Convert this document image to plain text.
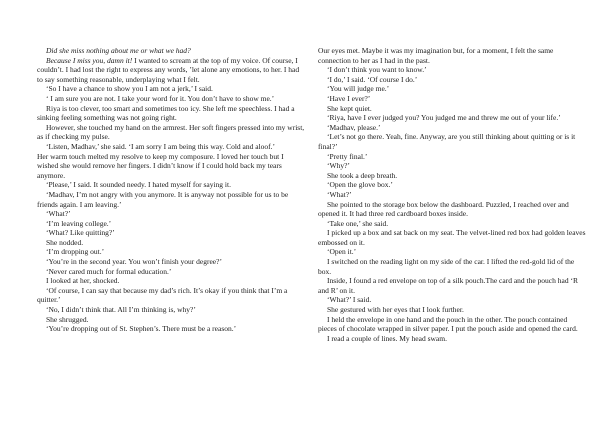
Did she miss nothing about me or what we had?

Because I miss you, damn it! I wanted to scream at the top of my voice. Of course, I couldn’t. I had lost the right to express any words, ’let alone any emotions, to her. I had to say something reasonable, underplaying what I felt.

‘So I have a chance to show you I am not a jerk,’ I said.

‘ I am sure you are not. I take your word for it. You don’t have to show me.’

Riya is too clever, too smart and sometimes too icy. She left me speechless. I had a sinking feeling something was not going right.

However, she touched my hand on the armrest. Her soft fingers pressed into my wrist, as if checking my pulse.

‘Listen, Madhav,’ she said. ‘I am sorry I am being this way. Cold and aloof.’

Her warm touch melted my resolve to keep my composure. I loved her touch but I wished she would remove her fingers. I didn’t know if I could hold back my tears anymore.

‘Please,’ I said. It sounded needy. I hated myself for saying it.

‘Madhav, I’m not angry with you anymore. It is anyway not possible for us to be friends again. I am leaving.’

‘What?’

‘I’m leaving college.’

‘What? Like quitting?’

She nodded.

‘I’m dropping out.’

‘You’re in the second year. You won’t finish your degree?’

‘Never cared much for formal education.’

I looked at her, shocked.

‘Of course, I can say that because my dad’s rich. It’s okay if you think that I’m a quitter.’

‘No, I didn’t think that. All I’m thinking is, why?’

She shrugged.

‘You’re dropping out of St. Stephen’s. There must be a reason.’

Our eyes met. Maybe it was my imagination but, for a moment, I felt the same connection to her as I had in the past.

‘I don’t think you want to know.’

‘I do,’ I said. ‘Of course I do.’

‘You will judge me.’

‘Have I ever?’

She kept quiet.

‘Riya, have I ever judged you? You judged me and threw me out of your life.’

‘Madhav, please.’

‘Let’s not go there. Yeah, fine. Anyway, are you still thinking about quitting or is it final?’

‘Pretty final.’

‘Why?’

She took a deep breath.

‘Open the glove box.’

‘What?’

She pointed to the storage box below the dashboard. Puzzled, I reached over and opened it. It had three red cardboard boxes inside.

‘Take one,’ she said.

I picked up a box and sat back on my seat. The velvet-lined red box had golden leaves embossed on it.

‘Open it.’

I switched on the reading light on my side of the car. I lifted the red-gold lid of the box.

Inside, I found a red envelope on top of a silk pouch.The card and the pouch had ‘R and R’ on it.

‘What?’ I said.

She gestured with her eyes that I look further.

I held the envelope in one hand and the pouch in the other. The pouch contained pieces of chocolate wrapped in silver paper. I put the pouch aside and opened the card.

I read a couple of lines. My head swam.
